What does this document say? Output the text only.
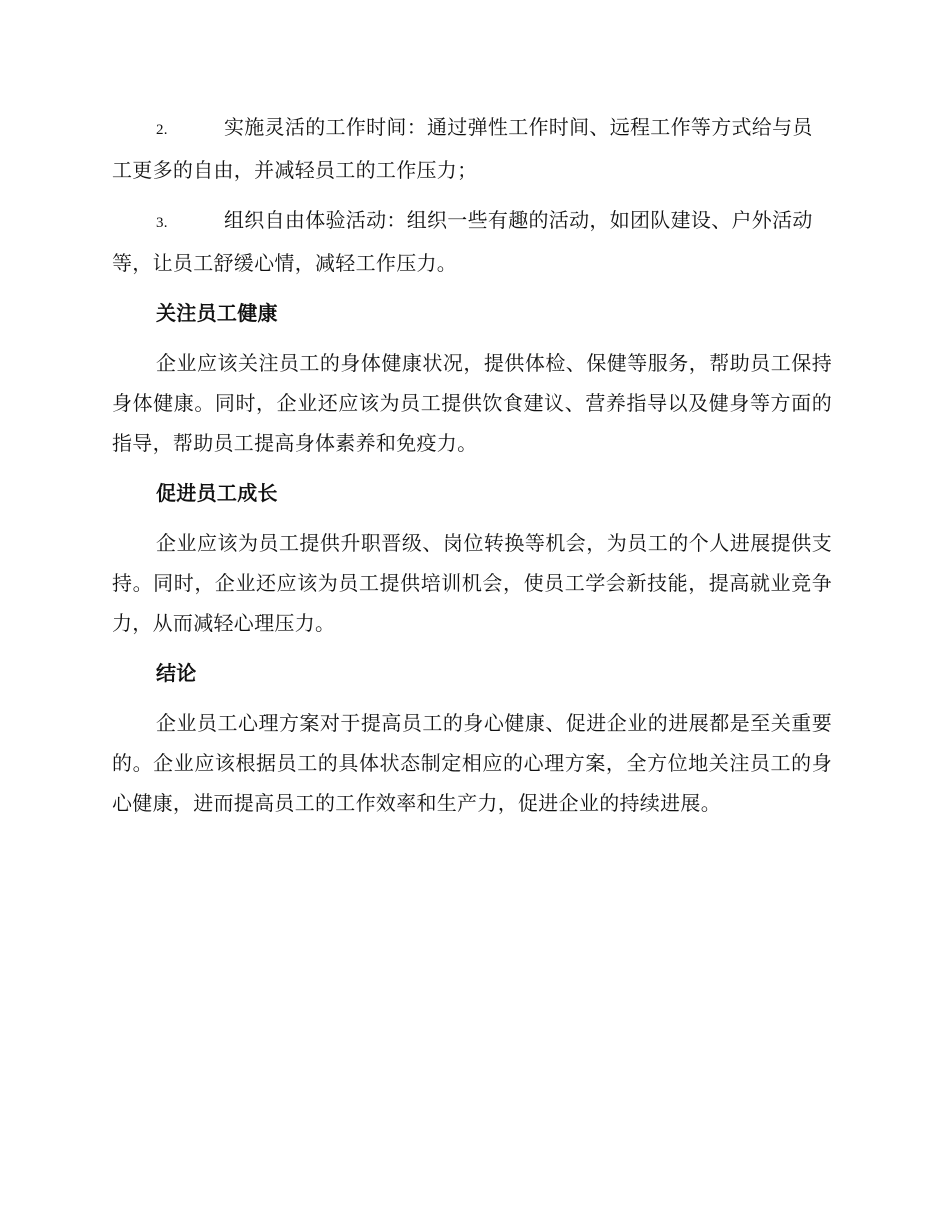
2.	实施灵活的工作时间：通过弹性工作时间、远程工作等方式给与员工更多的自由，并减轻员工的工作压力；

3.	组织自由体验活动：组织一些有趣的活动，如团队建设、户外活动等，让员工舒缓心情，减轻工作压力。

关注员工健康

企业应该关注员工的身体健康状况，提供体检、保健等服务，帮助员工保持身体健康。同时，企业还应该为员工提供饮食建议、营养指导以及健身等方面的指导，帮助员工提高身体素养和免疫力。

促进员工成长

企业应该为员工提供升职晋级、岗位转换等机会，为员工的个人进展提供支持。同时，企业还应该为员工提供培训机会，使员工学会新技能，提高就业竞争力，从而减轻心理压力。

结论

企业员工心理方案对于提高员工的身心健康、促进企业的进展都是至关重要的。企业应该根据员工的具体状态制定相应的心理方案，全方位地关注员工的身心健康，进而提高员工的工作效率和生产力，促进企业的持续进展。
